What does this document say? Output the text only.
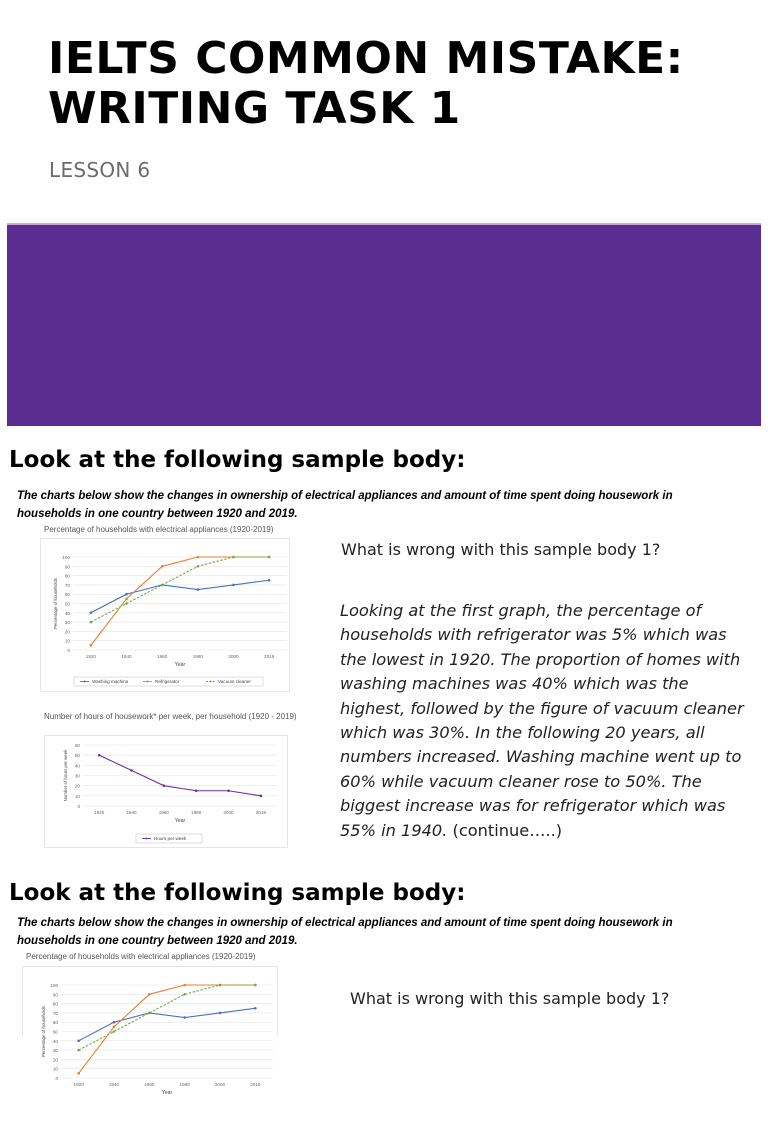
IELTS COMMON MISTAKE:
WRITING TASK 1
LESSON 6
Look at the following sample body:
The charts below show the changes in ownership of electrical appliances and amount of time spent doing housework in
households in one country between 1920 and 2019.
Percentage of households with electrical appliances (1920-2019)
0
10
20
30
40
50
60
70
80
90
100
1920	1940	1960	1980	2000	2019
Year
Percentage of households
Washing machine	Refrigerator	Vacuum cleaner
Number of hours of housework* per week, per household (1920 - 2019)
0
10
20
30
40
50
60
1920	1940	1960	1980	2000	2019
Year
Number of hours per week
Hours per week
What is wrong with this sample body 1?
Looking at the first graph, the percentage of households with refrigerator was 5% which was the lowest in 1920. The proportion of homes with washing machines was 40% which was the highest, followed by the figure of vacuum cleaner which was 30%. In the following 20 years, all numbers increased. Washing machine went up to 60% while vacuum cleaner rose to 50%. The biggest increase was for refrigerator which was 55% in 1940. (continue…..)
Look at the following sample body:
The charts below show the changes in ownership of electrical appliances and amount of time spent doing housework in
households in one country between 1920 and 2019.
Percentage of households with electrical appliances (1920-2019)
0
10
20
30
40
50
60
70
80
90
100
1920	1940	1960	1980	2000	2019
Year
Percentage of households
What is wrong with this sample body 1?
